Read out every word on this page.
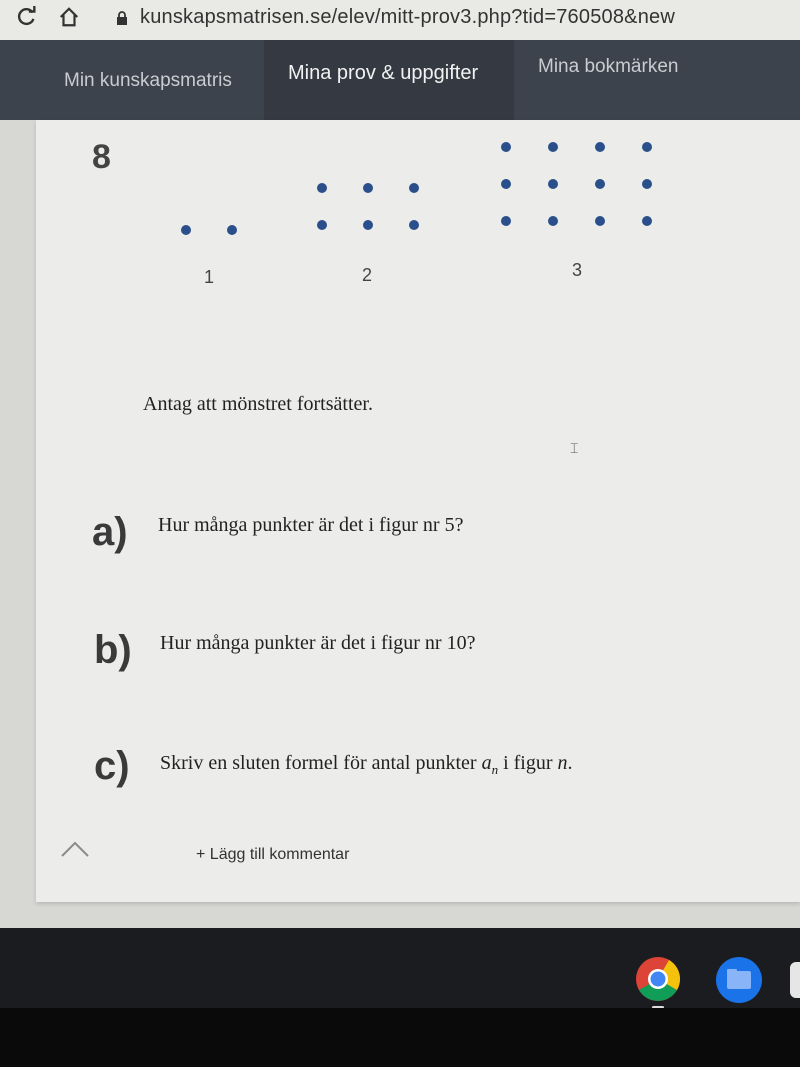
kunskapsmatrisen.se/elev/mitt-prov3.php?tid=760508&new
Min kunskapsmatris	Mina prov & uppgifter	Mina bokmärken
8
1	2	3
Antag att mönstret fortsätter.
⌶
a) Hur många punkter är det i figur nr 5?
b) Hur många punkter är det i figur nr 10?
c) Skriv en sluten formel för antal punkter $a_n$ i figur n.
+ Lägg till kommentar
